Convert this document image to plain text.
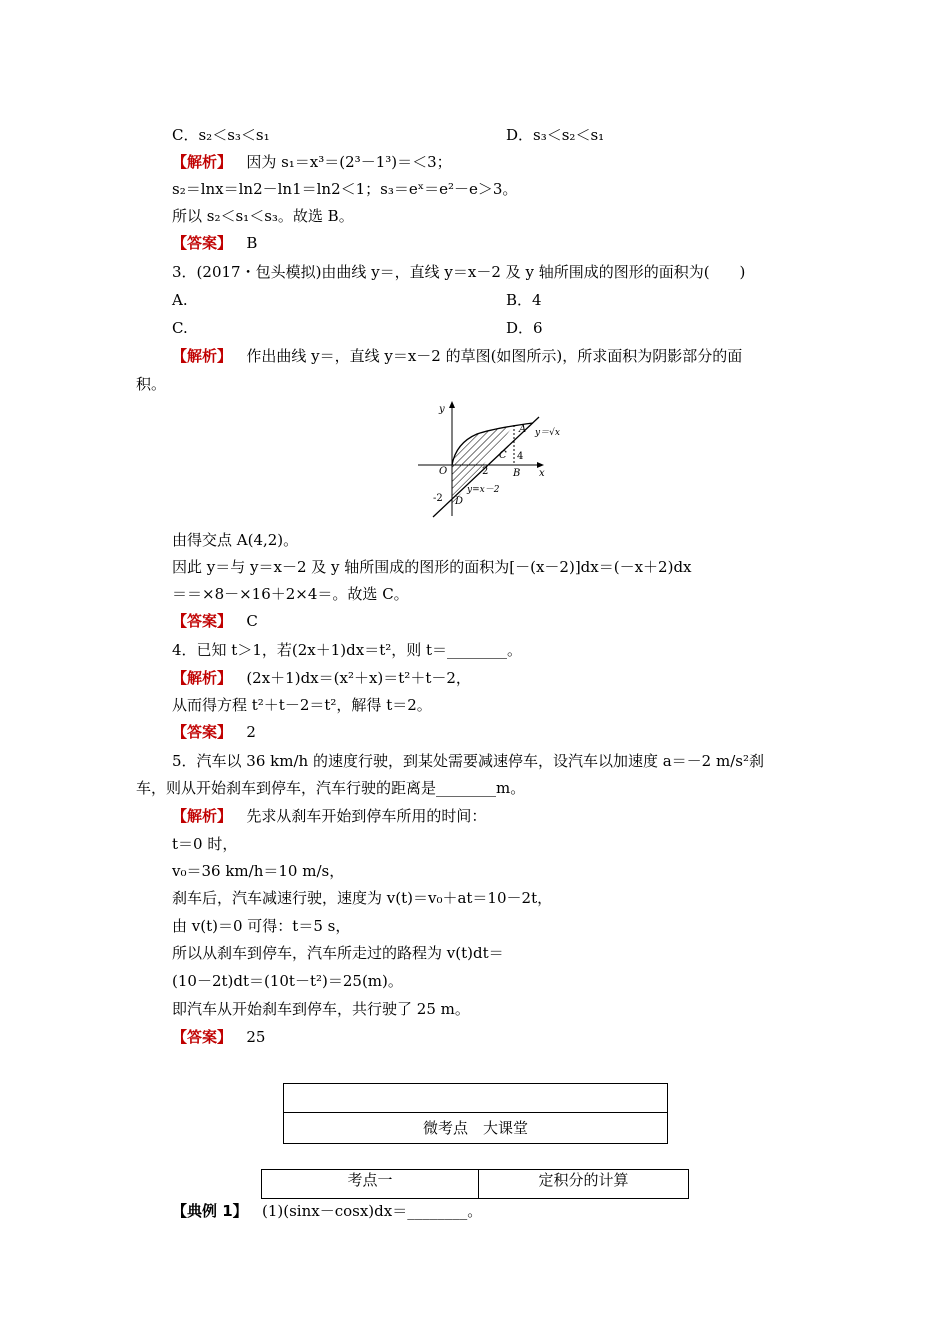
C．s₂＜s₃＜s₁	D．s₃＜s₂＜s₁
【解析】 因为 s₁＝x³＝(2³－1³)＝＜3；
s₂＝lnx＝ln2－ln1＝ln2＜1；s₃＝eˣ＝e²－e＞3。
所以 s₂＜s₁＜s₃。故选 B。
【答案】 B
3．(2017・包头模拟)由曲线 y＝，直线 y＝x－2 及 y 轴所围成的图形的面积为(　　)
A.	B．4
C.	D．6
【解析】 作出曲线 y＝，直线 y＝x－2 的草图(如图所示)，所求面积为阴影部分的面
积。
y
x
O
A
B
C
D
2
4
-2
y＝√x
y=x－2
由得交点 A(4,2)。
因此 y＝与 y＝x－2 及 y 轴所围成的图形的面积为[－(x－2)]dx＝(－x＋2)dx
＝＝×8－×16＋2×4＝。故选 C。
【答案】 C
4．已知 t＞1，若(2x＋1)dx＝t²，则 t＝________。
【解析】 (2x＋1)dx＝(x²＋x)＝t²＋t－2，
从而得方程 t²＋t－2＝t²，解得 t＝2。
【答案】 2
5．汽车以 36 km/h 的速度行驶，到某处需要减速停车，设汽车以加速度 a＝－2 m/s²刹
车，则从开始刹车到停车，汽车行驶的距离是________m。
【解析】 先求从刹车开始到停车所用的时间：
t＝0 时，
v₀＝36 km/h＝10 m/s，
刹车后，汽车减速行驶，速度为 v(t)＝v₀＋at＝10－2t，
由 v(t)＝0 可得：t＝5 s，
所以从刹车到停车，汽车所走过的路程为 v(t)dt＝
(10－2t)dt＝(10t－t²)＝25(m)。
即汽车从开始刹车到停车，共行驶了 25 m。
【答案】 25
微考点　大课堂
考点一	定积分的计算
【典例 1】 (1)(sinx－cosx)dx＝________。
